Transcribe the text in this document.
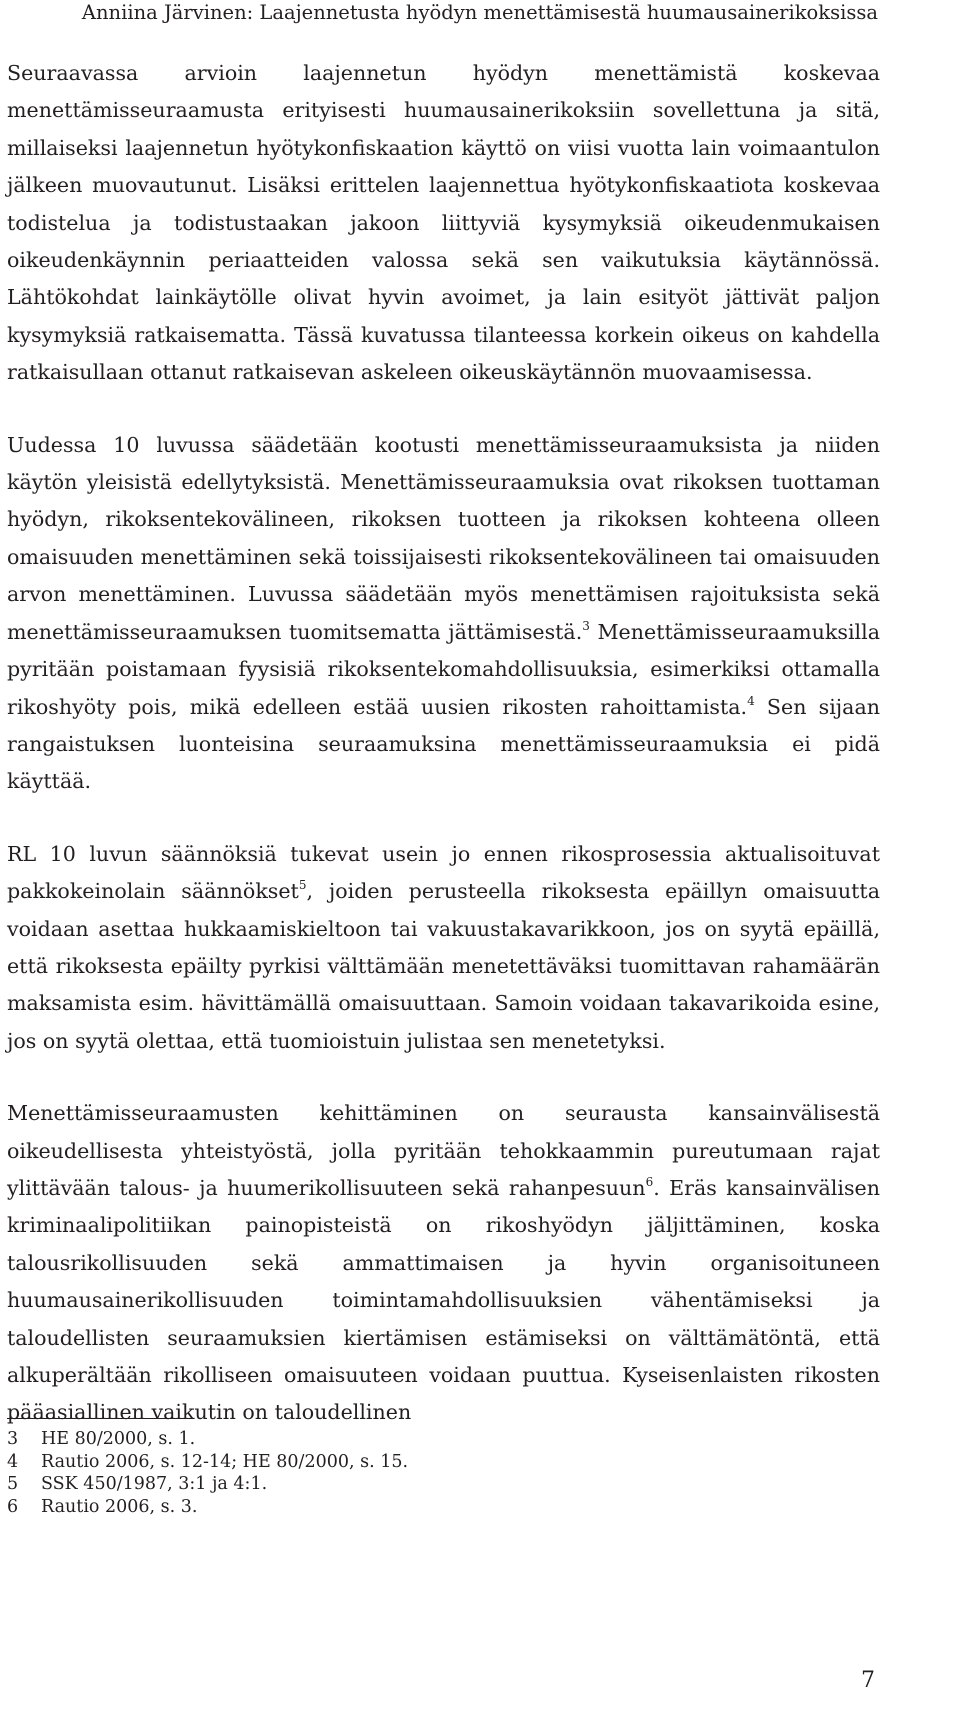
Anniina Järvinen: Laajennetusta hyödyn menettämisestä huumausainerikoksissa

Seuraavassa arvioin laajennetun hyödyn menettämistä koskevaa menettämisseuraamusta erityisesti huumausainerikoksiin sovellettuna ja sitä, millaiseksi laajennetun hyötykonfiskaation käyttö on viisi vuotta lain voimaantulon jälkeen muovautunut. Lisäksi erittelen laajennettua hyötykonfiskaatiota koskevaa todistelua ja todistustaakan jakoon liittyviä kysymyksiä oikeudenmukaisen oikeudenkäynnin periaatteiden valossa sekä sen vaikutuksia käytännössä. Lähtökohdat lainkäytölle olivat hyvin avoimet, ja lain esityöt jättivät paljon kysymyksiä ratkaisematta. Tässä kuvatussa tilanteessa korkein oikeus on kahdella ratkaisullaan ottanut ratkaisevan askeleen oikeuskäytännön muovaamisessa.

Uudessa 10 luvussa säädetään kootusti menettämisseuraamuksista ja niiden käytön yleisistä edellytyksistä. Menettämisseuraamuksia ovat rikoksen tuottaman hyödyn, rikoksentekovälineen, rikoksen tuotteen ja rikoksen kohteena olleen omaisuuden menettäminen sekä toissijaisesti rikoksentekovälineen tai omaisuuden arvon menettäminen. Luvussa säädetään myös menettämisen rajoituksista sekä menettämisseuraamuksen tuomitsematta jättämisestä.$^3$ Menettämisseuraamuksilla pyritään poistamaan fyysisiä rikoksentekomahdollisuuksia, esimerkiksi ottamalla rikoshyöty pois, mikä edelleen estää uusien rikosten rahoittamista.$^4$ Sen sijaan rangaistuksen luonteisina seuraamuksina menettämisseuraamuksia ei pidä käyttää.

RL 10 luvun säännöksiä tukevat usein jo ennen rikosprosessia aktualisoituvat pakkokeinolain säännökset$^5$, joiden perusteella rikoksesta epäillyn omaisuutta voidaan asettaa hukkaamiskieltoon tai vakuustakavarikkoon, jos on syytä epäillä, että rikoksesta epäilty pyrkisi välttämään menetettäväksi tuomittavan rahamäärän maksamista esim. hävittämällä omaisuuttaan. Samoin voidaan takavarikoida esine, jos on syytä olettaa, että tuomioistuin julistaa sen menetetyksi.

Menettämisseuraamusten kehittäminen on seurausta kansainvälisestä oikeudellisesta yhteistyöstä, jolla pyritään tehokkaammin pureutumaan rajat ylittävään talous- ja huumerikollisuuteen sekä rahanpesuun$^6$. Eräs kansainvälisen kriminaalipolitiikan painopisteistä on rikoshyödyn jäljittäminen, koska talousrikollisuuden sekä ammattimaisen ja hyvin organisoituneen huumausainerikollisuuden toimintamahdollisuuksien vähentämiseksi ja taloudellisten seuraamuksien kiertämisen estämiseksi on välttämätöntä, että alkuperältään rikolliseen omaisuuteen voidaan puuttua. Kyseisenlaisten rikosten pääasiallinen vaikutin on taloudellinen

3	HE 80/2000, s. 1.
4	Rautio 2006, s. 12-14; HE 80/2000, s. 15.
5	SSK 450/1987, 3:1 ja 4:1.
6	Rautio 2006, s. 3.
7
